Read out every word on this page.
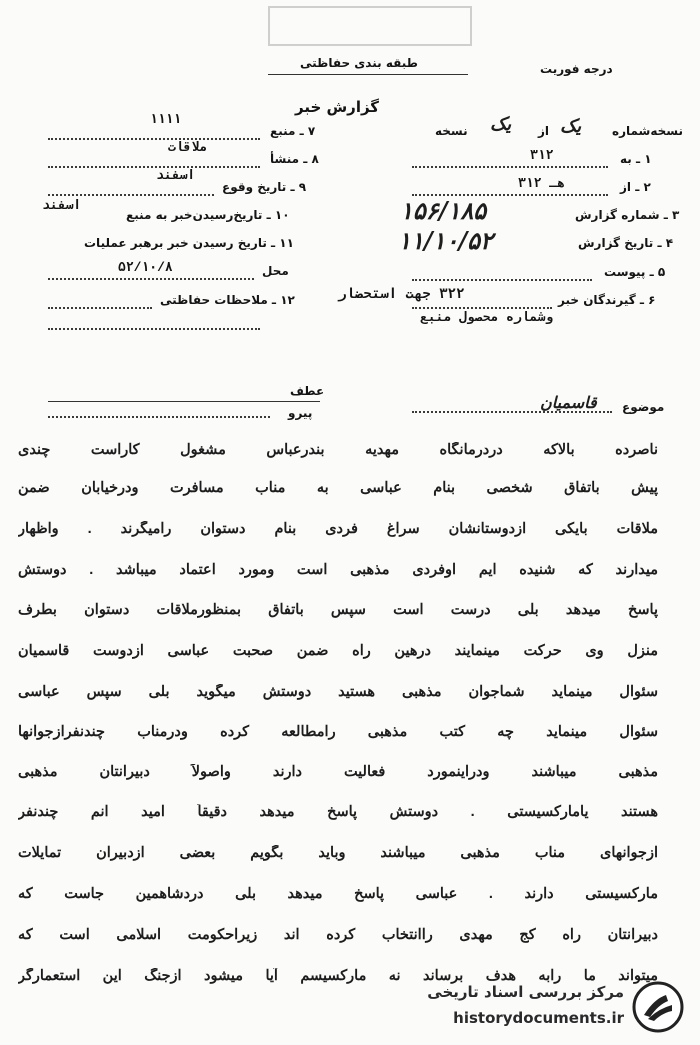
درجه فوریت
طبقه بندی حفاظتی
گزارش خبر
نسخه‌شماره
یک
از
یک
نسخه
۱ ـ به
۳۱۲
۲ ـ از
۳۱۲ هـ
۳ ـ شماره گزارش
۱۵۶/۱۸۵
۴ ـ تاریخ گزارش
۱۱/۱۰/۵۲
۵ ـ پیوست
۶ ـ گیرندگان خبر
۳۲۲ جهت استحضار
وشماره محصول منبع
۷ ـ منبع
۱۱۱۱
۸ ـ منشأ
ملاقات
۹ ـ تاریخ وقوع
اسفند
۱۰ ـ تاریخ‌رسیدن‌خبر به منبع
اسفند
۱۱ ـ تاریخ رسیدن خبر برهبر عملیات
محل
۵۲/۱۰/۸
۱۲ ـ ملاحظات حفاظتی
موضوع
قاسمیان
عطف
پیرو
ناصرده بالاکه دردرمانگاه مهدیه بندرعباس مشغول کاراست چندی
پیش باتفاق شخصی بنام عباسی به مناب مسافرت ودرخیابان ضمن
ملاقات بایکی ازدوستانشان سراغ فردی بنام دستوان رامیگرند . واظهار
میدارند که شنیده ایم اوفردی مذهبی است ومورد اعتماد میباشد . دوستش
پاسخ میدهد بلی درست است سپس باتفاق بمنظورملاقات دستوان بطرف
منزل وی حرکت مینمایند درهین راه ضمن صحبت عباسی ازدوست قاسمیان
سئوال مینماید شماجوان مذهبی هستید دوستش میگوید بلی سپس عباسی
سئوال مینماید چه کتب مذهبی رامطالعه کرده ودرمناب چندنفرازجوانها
مذهبی میباشند ودراینمورد فعالیت دارند واصولاً دبیرانتان مذهبی
هستند یامارکسیستی . دوستش پاسخ میدهد دقیقاً امید انم چندنفر
ازجوانهای مناب مذهبی میباشند وباید بگویم بعضی ازدبیران تمایلات
مارکسیستی دارند . عباسی پاسخ میدهد بلی دردشاهمین جاست که
دبیرانتان راه کج مهدی راانتخاب کرده اند زیراحکومت اسلامی است که
میتواند ما رابه هدف برساند نه مارکسیسم آیا میشود ازجنگ این استعمارگر
مرکز بررسی اسناد تاریخی
historydocuments.ir
